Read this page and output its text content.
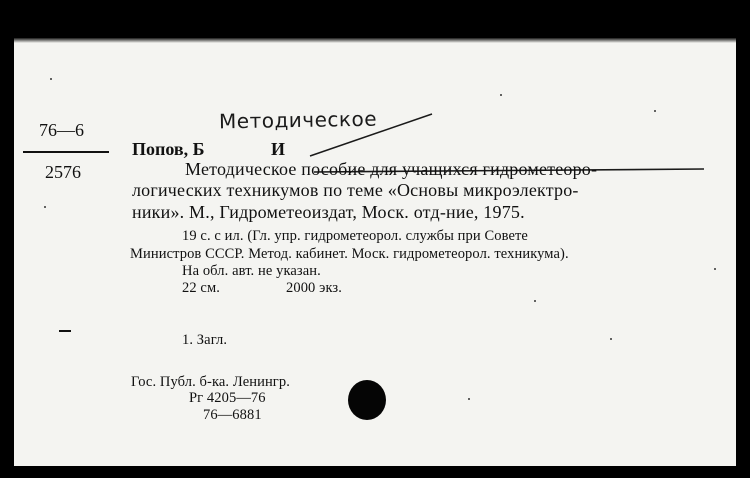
76—6
2576
Методическое
Попов, Б	И
Методическое пособие для учащихся гидрометеоро-
логических техникумов по теме «Основы микроэлектро-
ники». М., Гидрометеоиздат, Моск. отд-ние, 1975.
19 с. с ил. (Гл. упр. гидрометеорол. службы при Совете
Министров СССР. Метод. кабинет. Моск. гидрометеорол. техникума).
На обл. авт. не указан.
22 см.	2000 экз.
1. Загл.
Гос. Публ. б-ка. Ленингр.
Рг 4205—76
76—6881
